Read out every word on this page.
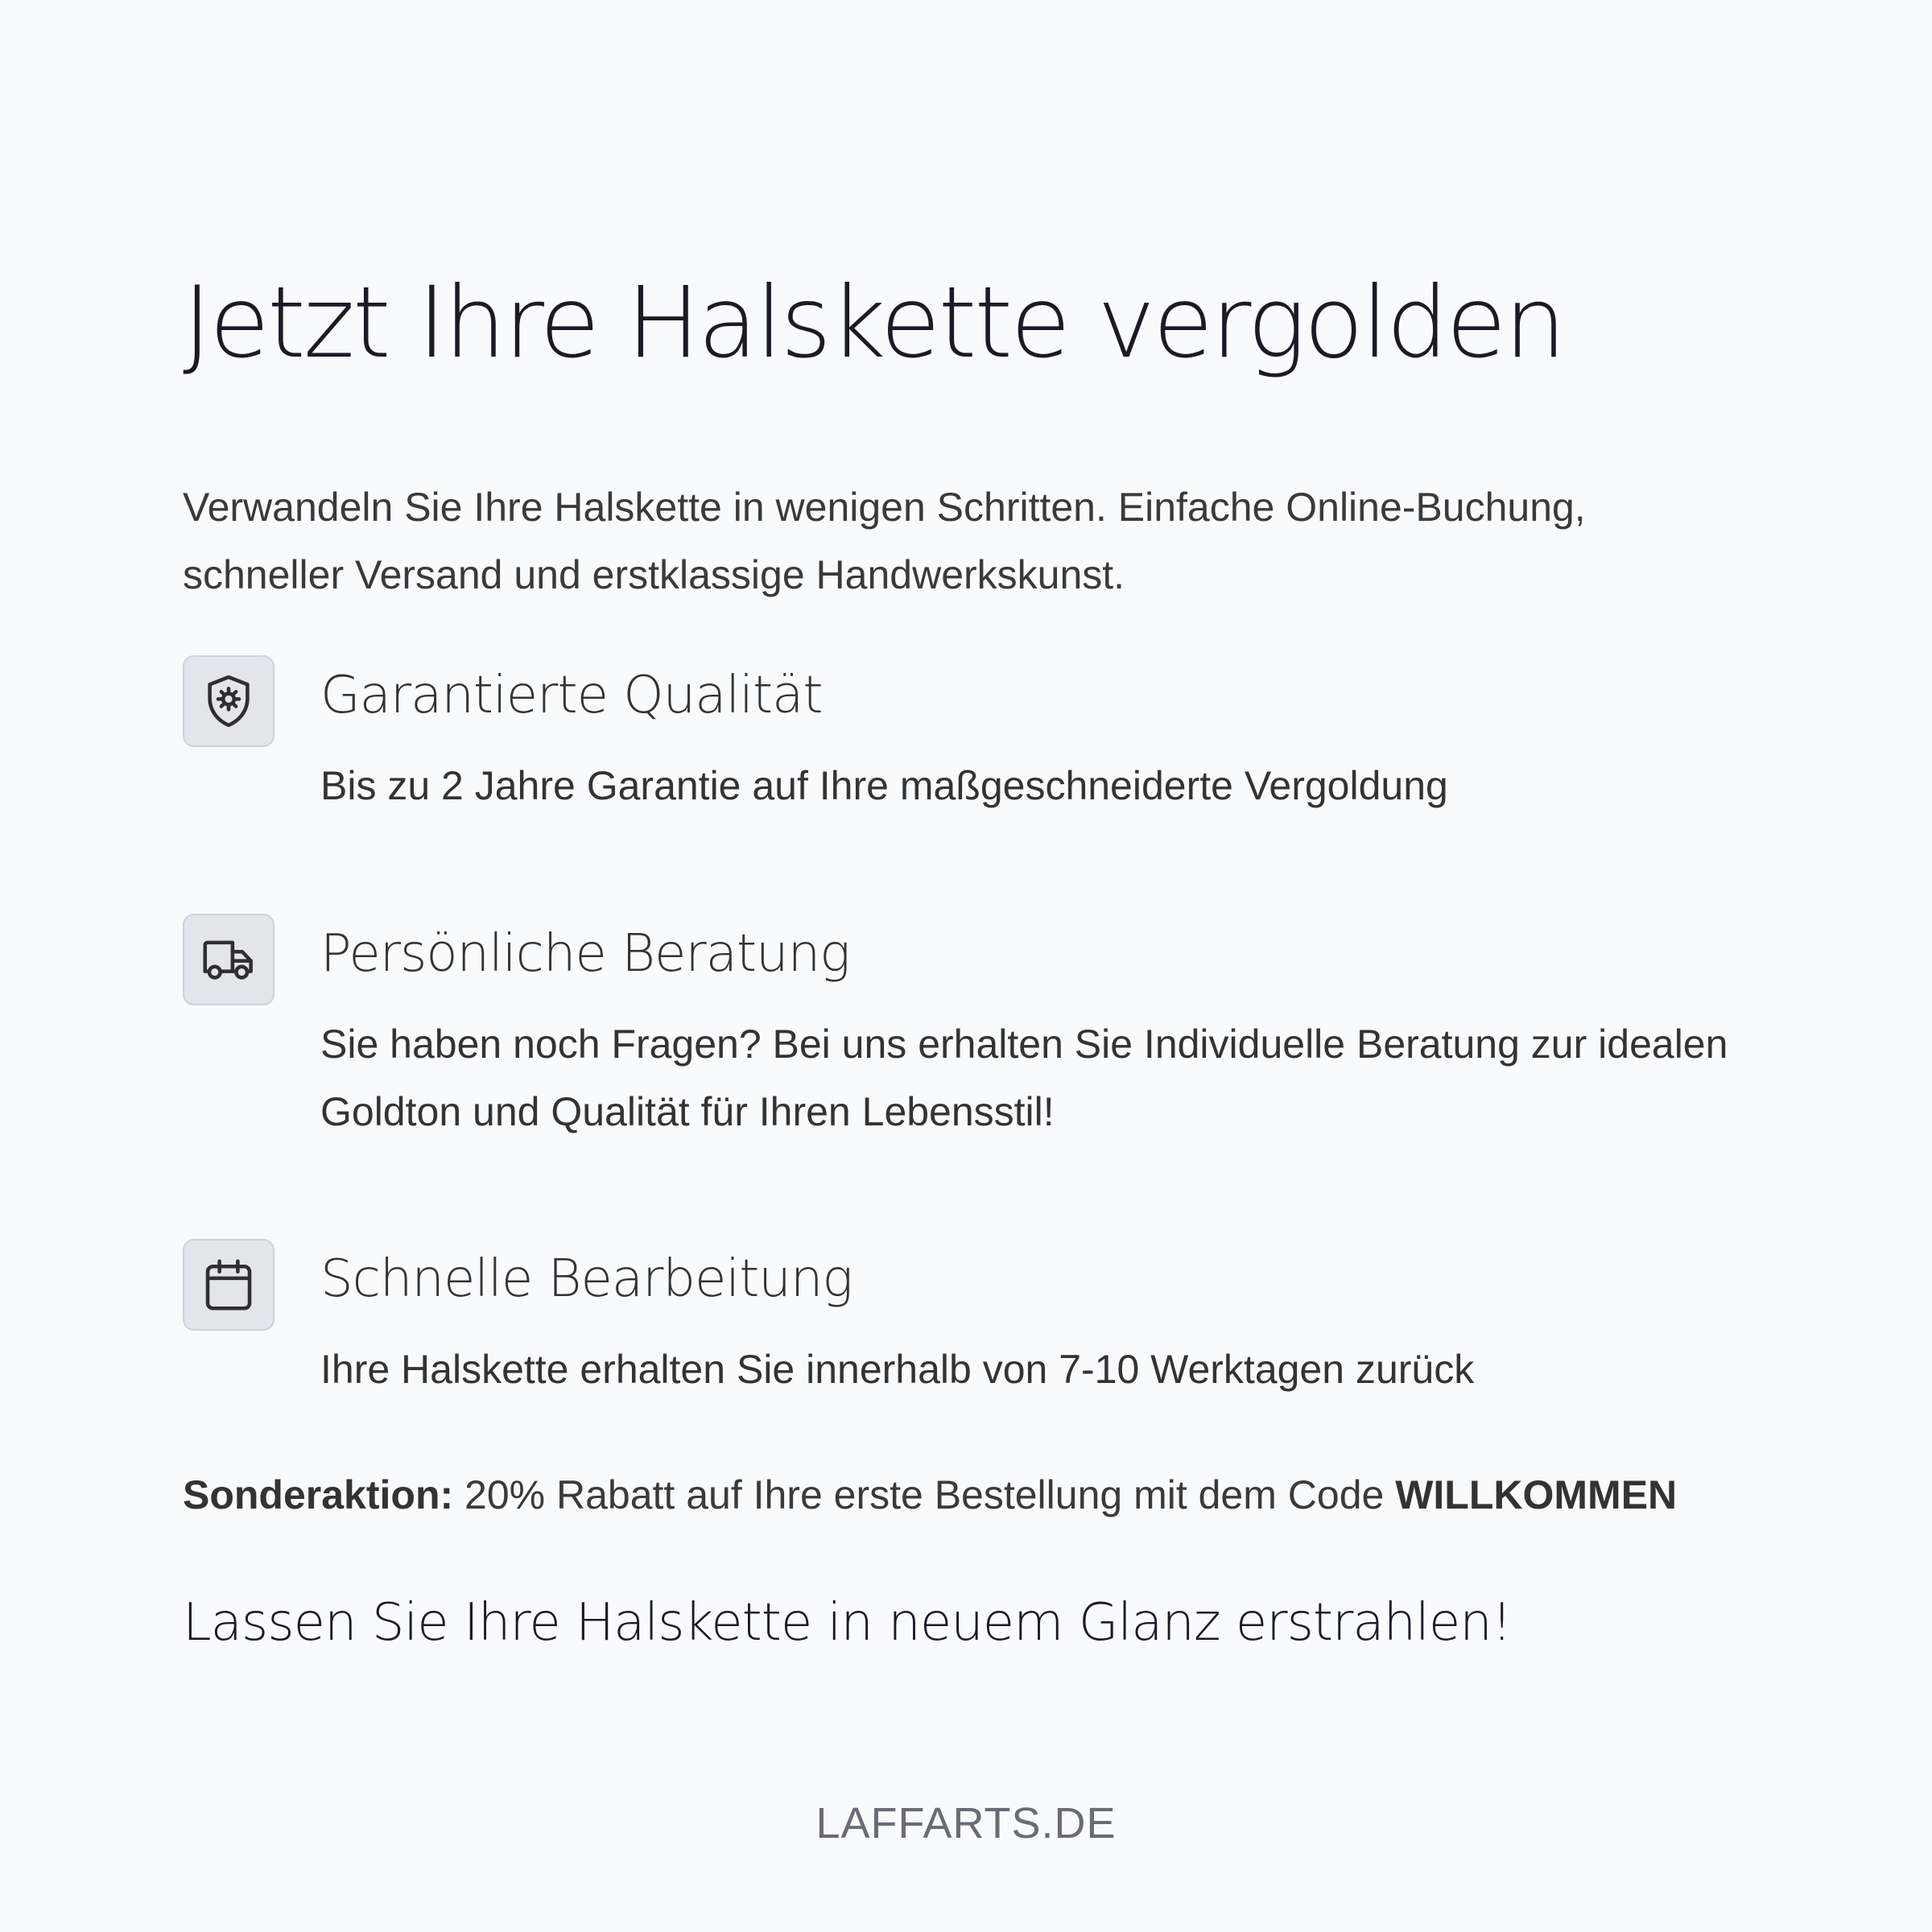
Jetzt Ihre Halskette vergolden

Verwandeln Sie Ihre Halskette in wenigen Schritten. Einfache Online-Buchung, schneller Versand und erstklassige Handwerkskunst.

Garantierte Qualität

Bis zu 2 Jahre Garantie auf Ihre maßgeschneiderte Vergoldung

Persönliche Beratung

Sie haben noch Fragen? Bei uns erhalten Sie Individuelle Beratung zur idealen Goldton und Qualität für Ihren Lebensstil!

Schnelle Bearbeitung

Ihre Halskette erhalten Sie innerhalb von 7-10 Werktagen zurück

Sonderaktion: 20% Rabatt auf Ihre erste Bestellung mit dem Code WILLKOMMEN

Lassen Sie Ihre Halskette in neuem Glanz erstrahlen!
LAFFARTS.DE
